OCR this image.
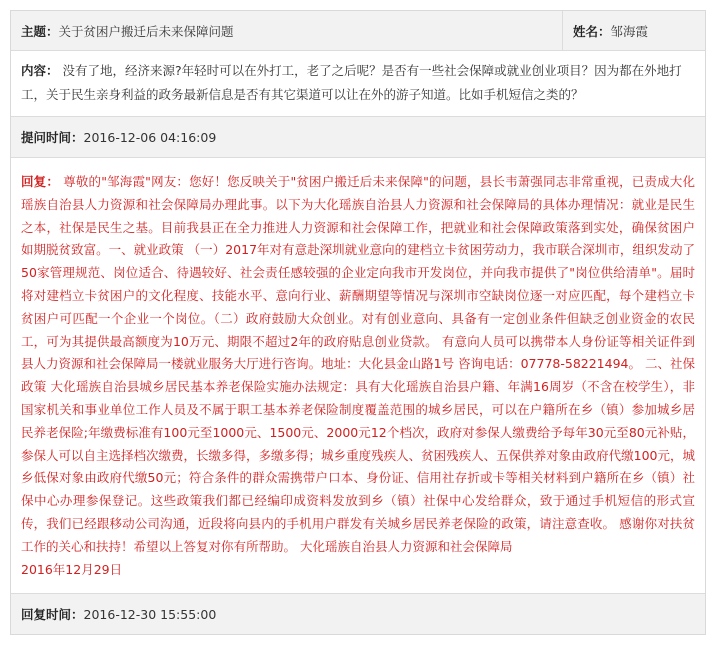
主题： 关于贫困户搬迁后未来保障问题	姓名： 邹海霞
内容： 没有了地，经济来源?年轻时可以在外打工，老了之后呢？是否有一些社会保障或就业创业项目？因为都在外地打工，关于民生亲身利益的政务最新信息是否有其它渠道可以让在外的游子知道。比如手机短信之类的？
提问时间： 2016-12-06 04:16:09
回复： 尊敬的"邹海霞"网友：您好！您反映关于"贫困户搬迁后未来保障"的问题，县长韦萧强同志非常重视，已责成大化瑶族自治县人力资源和社会保障局办理此事。以下为大化瑶族自治县人力资源和社会保障局的具体办理情况：就业是民生之本，社保是民生之基。目前我县正在全力推进人力资源和社会保障工作，把就业和社会保障政策落到实处，确保贫困户如期脱贫致富。一、就业政策 （一）2017年对有意赴深圳就业意向的建档立卡贫困劳动力，我市联合深圳市，组织发动了50家管理规范、岗位适合、待遇较好、社会责任感较强的企业定向我市开发岗位，并向我市提供了"岗位供给清单"。届时将对建档立卡贫困户的文化程度、技能水平、意向行业、薪酬期望等情况与深圳市空缺岗位逐一对应匹配，每个建档立卡贫困户可匹配一个企业一个岗位。（二）政府鼓励大众创业。对有创业意向、具备有一定创业条件但缺乏创业资金的农民工，可为其提供最高额度为10万元、期限不超过2年的政府贴息创业贷款。 有意向人员可以携带本人身份证等相关证件到县人力资源和社会保障局一楼就业服务大厅进行咨询。地址：大化县金山路1号 咨询电话：07778-58221494。 二、社保政策 大化瑶族自治县城乡居民基本养老保险实施办法规定：具有大化瑶族自治县户籍、年满16周岁（不含在校学生），非国家机关和事业单位工作人员及不属于职工基本养老保险制度覆盖范围的城乡居民，可以在户籍所在乡（镇）参加城乡居民养老保险;年缴费标准有100元至1000元、1500元、2000元12个档次，政府对参保人缴费给予每年30元至80元补贴，参保人可以自主选择档次缴费，长缴多得，多缴多得；城乡重度残疾人、贫困残疾人、五保供养对象由政府代缴100元，城乡低保对象由政府代缴50元；符合条件的群众需携带户口本、身份证、信用社存折或卡等相关材料到户籍所在乡（镇）社保中心办理参保登记。这些政策我们都已经编印成资料发放到乡（镇）社保中心发给群众，致于通过手机短信的形式宣传，我们已经跟移动公司沟通，近段将向县内的手机用户群发有关城乡居民养老保险的政策，请注意查收。 感谢你对扶贫工作的关心和扶持！希望以上答复对你有所帮助。 大化瑶族自治县人力资源和社会保障局
2016年12月29日
回复时间： 2016-12-30 15:55:00
